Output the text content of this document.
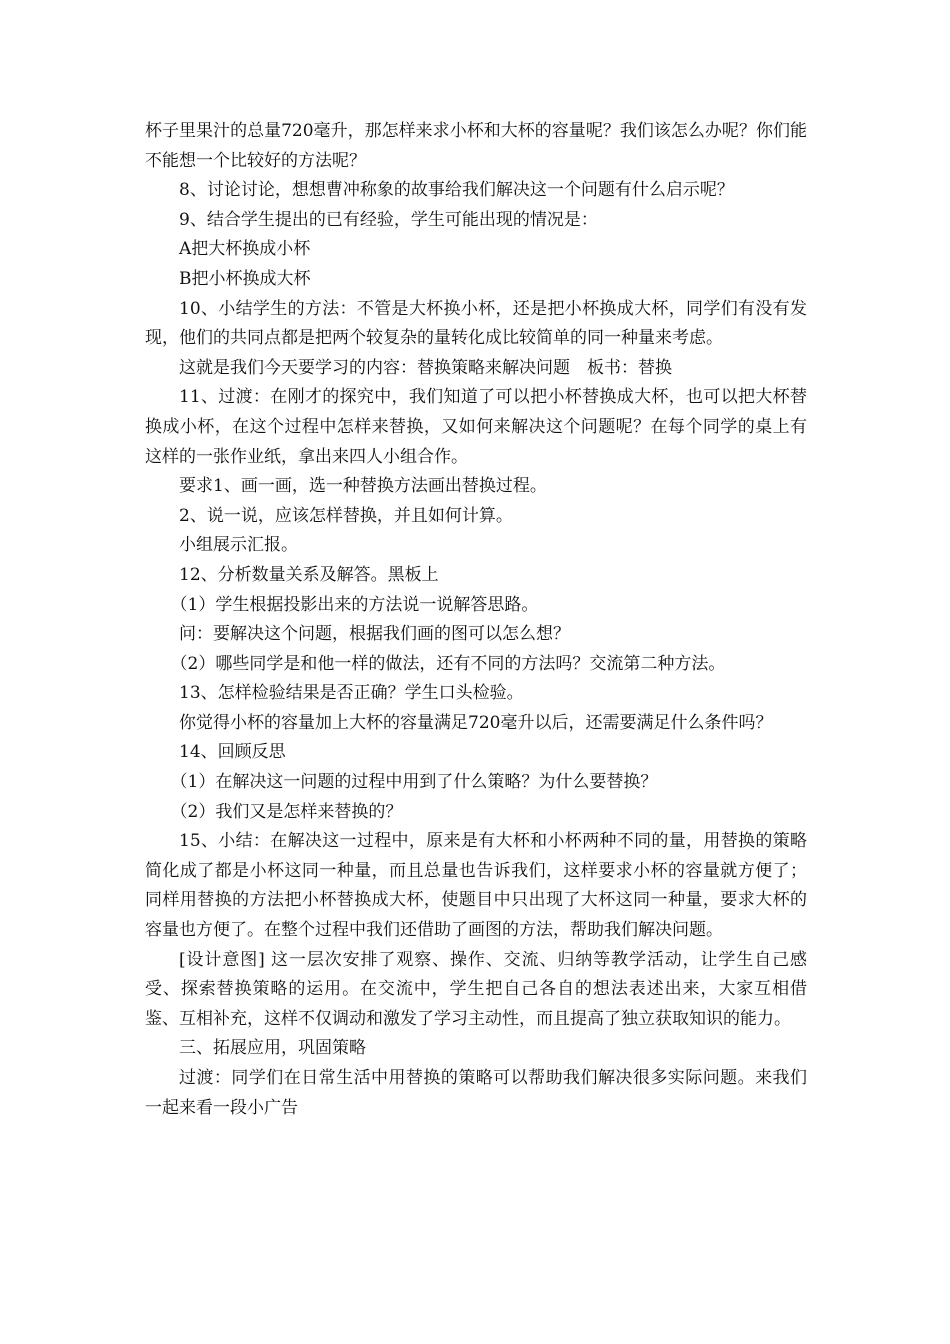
杯子里果汁的总量720毫升，那怎样来求小杯和大杯的容量呢？我们该怎么办呢？你们能不能想一个比较好的方法呢？

8、讨论讨论，想想曹冲称象的故事给我们解决这一个问题有什么启示呢？

9、结合学生提出的已有经验，学生可能出现的情况是：

A把大杯换成小杯

B把小杯换成大杯

10、小结学生的方法：不管是大杯换小杯，还是把小杯换成大杯，同学们有没有发现，他们的共同点都是把两个较复杂的量转化成比较简单的同一种量来考虑。

这就是我们今天要学习的内容：替换策略来解决问题　板书：替换

11、过渡：在刚才的探究中，我们知道了可以把小杯替换成大杯，也可以把大杯替换成小杯，在这个过程中怎样来替换，又如何来解决这个问题呢？在每个同学的桌上有这样的一张作业纸，拿出来四人小组合作。

要求1、画一画，选一种替换方法画出替换过程。

2、说一说，应该怎样替换，并且如何计算。

小组展示汇报。

12、分析数量关系及解答。黑板上

（1）学生根据投影出来的方法说一说解答思路。

问：要解决这个问题，根据我们画的图可以怎么想？

（2）哪些同学是和他一样的做法，还有不同的方法吗？交流第二种方法。

13、怎样检验结果是否正确？学生口头检验。

你觉得小杯的容量加上大杯的容量满足720毫升以后，还需要满足什么条件吗？

14、回顾反思

（1）在解决这一问题的过程中用到了什么策略？为什么要替换？

（2）我们又是怎样来替换的？

15、小结：在解决这一过程中，原来是有大杯和小杯两种不同的量，用替换的策略简化成了都是小杯这同一种量，而且总量也告诉我们，这样要求小杯的容量就方便了；同样用替换的方法把小杯替换成大杯，使题目中只出现了大杯这同一种量，要求大杯的容量也方便了。在整个过程中我们还借助了画图的方法，帮助我们解决问题。

[设计意图] 这一层次安排了观察、操作、交流、归纳等教学活动，让学生自己感受、探索替换策略的运用。在交流中，学生把自己各自的想法表述出来，大家互相借鉴、互相补充，这样不仅调动和激发了学习主动性，而且提高了独立获取知识的能力。

三、拓展应用，巩固策略

过渡：同学们在日常生活中用替换的策略可以帮助我们解决很多实际问题。来我们一起来看一段小广告
